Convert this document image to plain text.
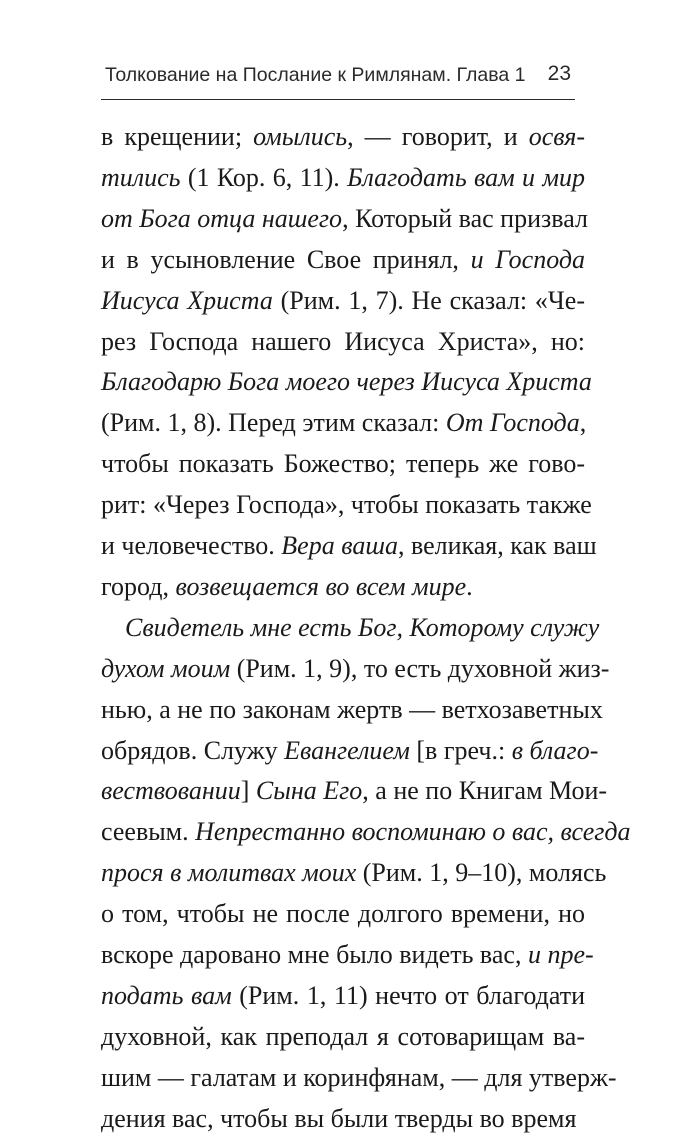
Толкование на Послание к Римлянам. Глава 1 23
в крещении; омылись, — говорит, и освя-
тились (1 Кор. 6, 11). Благодать вам и мир
от Бога отца нашего, Который вас призвал
и в усыновление Свое принял, и Господа
Иисуса Христа (Рим. 1, 7). Не сказал: «Че-
рез Господа нашего Иисуса Христа», но:
Благодарю Бога моего через Иисуса Христа
(Рим. 1, 8). Перед этим сказал: От Господа,
чтобы показать Божество; теперь же гово-
рит: «Через Господа», чтобы показать также
и человечество. Вера ваша, великая, как ваш
город, возвещается во всем мире.
Свидетель мне есть Бог, Которому служу
духом моим (Рим. 1, 9), то есть духовной жиз-
нью, а не по законам жертв — ветхозаветных
обрядов. Служу Евангелием [в греч.: в благо-
вествовании] Сына Его, а не по Книгам Мои-
сеевым. Непрестанно воспоминаю о вас, всегда
прося в молитвах моих (Рим. 1, 9–10), молясь
о том, чтобы не после долгого времени, но
вскоре даровано мне было видеть вас, и пре-
подать вам (Рим. 1, 11) нечто от благодати
духовной, как преподал я сотоварищам ва-
шим — галатам и коринфянам, — для утверж-
дения вас, чтобы вы были тверды во время
